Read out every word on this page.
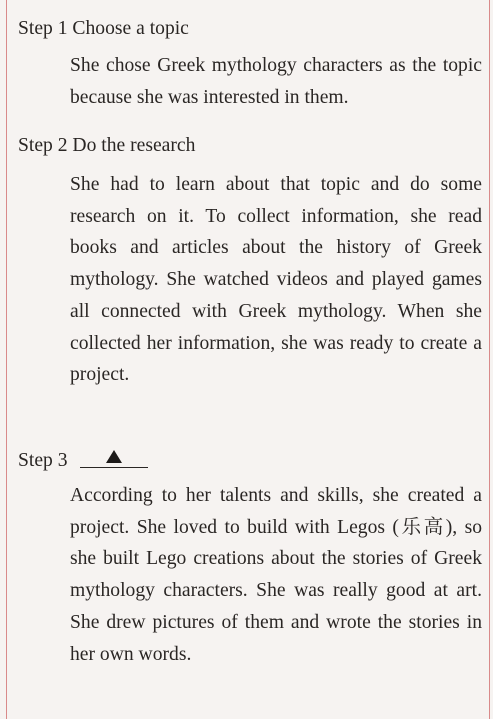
Step 1 Choose a topic
She chose Greek mythology characters as the topic because she was interested in them.
Step 2 Do the research
She had to learn about that topic and do some research on it. To collect information, she read books and articles about the history of Greek mythology. She watched videos and played games all connected with Greek mythology. When she collected her information, she was ready to create a project.
Step 3
According to her talents and skills, she created a project. She loved to build with Legos (乐高), so she built Lego creations about the stories of Greek mythology characters. She was really good at art. She drew pictures of them and wrote the stories in her own words.
